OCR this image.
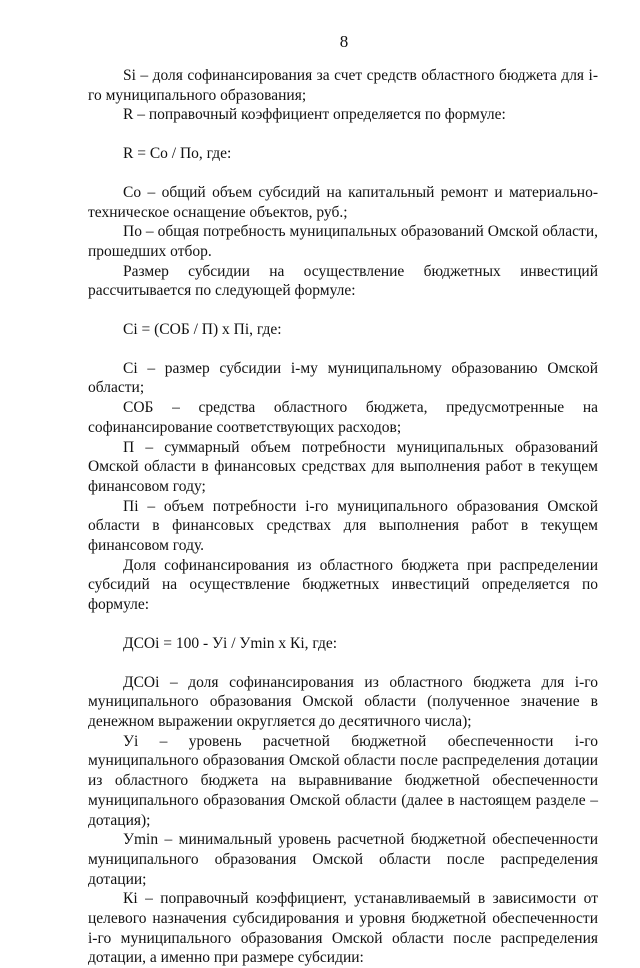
8

Si – доля софинансирования за счет средств областного бюджета для i-го муниципального образования;

R – поправочный коэффициент определяется по формуле:

R = Со / По, где:

Со – общий объем субсидий на капитальный ремонт и материально-техническое оснащение объектов, руб.;

По – общая потребность муниципальных образований Омской области, прошедших отбор.

Размер субсидии на осуществление бюджетных инвестиций рассчитывается по следующей формуле:

Ci = (СОБ / П) х Пi, где:

Ci – размер субсидии i-му муниципальному образованию Омской области;

СОБ – средства областного бюджета, предусмотренные на софинансирование соответствующих расходов;

П – суммарный объем потребности муниципальных образований Омской области в финансовых средствах для выполнения работ в текущем финансовом году;

Пi – объем потребности i-го муниципального образования Омской области в финансовых средствах для выполнения работ в текущем финансовом году.

Доля софинансирования из областного бюджета при распределении субсидий на осуществление бюджетных инвестиций определяется по формуле:

ДСОi = 100 - Уi / Уmin х Кi, где:

ДСОi – доля софинансирования из областного бюджета для i-го муниципального образования Омской области (полученное значение в денежном выражении округляется до десятичного числа);

Уi – уровень расчетной бюджетной обеспеченности i-го муниципального образования Омской области после распределения дотации из областного бюджета на выравнивание бюджетной обеспеченности муниципального образования Омской области (далее в настоящем разделе – дотация);

Уmin – минимальный уровень расчетной бюджетной обеспеченности муниципального образования Омской области после распределения дотации;

Кi – поправочный коэффициент, устанавливаемый в зависимости от целевого назначения субсидирования и уровня бюджетной обеспеченности i-го муниципального образования Омской области после распределения дотации, а именно при размере субсидии:
